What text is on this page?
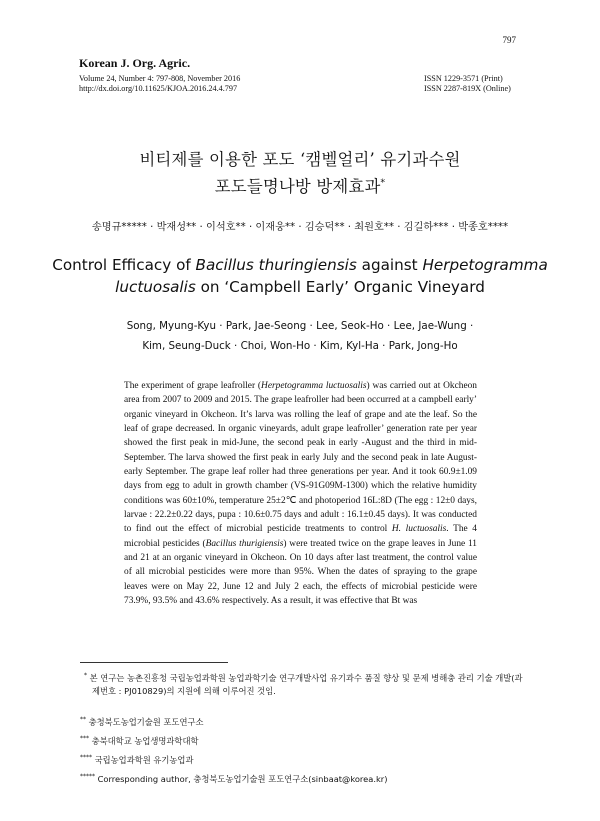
797
Korean J. Org. Agric.
Volume 24, Number 4: 797-808, November 2016
http://dx.doi.org/10.11625/KJOA.2016.24.4.797
ISSN 1229-3571 (Print)
ISSN 2287-819X (Online)
비티제를 이용한 포도 ‘캠벨얼리’ 유기과수원
포도들명나방 방제효과*
송명규***** · 박재성** · 이석호** · 이재웅** · 김승덕** · 최원호** · 김길하*** · 박종호****
Control Efficacy of Bacillus thuringiensis against Herpetogramma
luctuosalis on ‘Campbell Early’ Organic Vineyard
Song, Myung-Kyu · Park, Jae-Seong · Lee, Seok-Ho · Lee, Jae-Wung ·
Kim, Seung-Duck · Choi, Won-Ho · Kim, Kyl-Ha · Park, Jong-Ho

The experiment of grape leafroller (Herpetogramma luctuosalis) was carried out at Okcheon area from 2007 to 2009 and 2015. The grape leafroller had been occurred at a campbell early’ organic vineyard in Okcheon. It’s larva was rolling the leaf of grape and ate the leaf. So the leaf of grape decreased. In organic vineyards, adult grape leafroller’ generation rate per year showed the first peak in mid-June, the second peak in early -August and the third in mid-September. The larva showed the first peak in early July and the second peak in late August-early September. The grape leaf roller had three generations per year. And it took 60.9±1.09 days from egg to adult in growth chamber (VS-91G09M-1300) which the relative humidity conditions was 60±10%, temperature 25±2℃ and photoperiod 16L:8D (The egg : 12±0 days, larvae : 22.2±0.22 days, pupa : 10.6±0.75 days and adult : 16.1±0.45 days). It was conducted to find out the effect of microbial pesticide treatments to control H. luctuosalis. The 4 microbial pesticides (Bacillus thurigiensis) were treated twice on the grape leaves in June 11 and 21 at an organic vineyard in Okcheon. On 10 days after last treatment, the control value of all microbial pesticides were more than 95%. When the dates of spraying to the grape leaves were on May 22, June 12 and July 2 each, the effects of microbial pesticide were 73.9%, 93.5% and 43.6% respectively. As a result, it was effective that Bt was

* 본 연구는 농촌진흥청 국립농업과학원 농업과학기술 연구개발사업 유기과수 품질 향상 및 문제 병해충 관리 기술 개발(과제번호 : PJ010829)의 지원에 의해 이루어진 것임.
** 충청북도농업기술원 포도연구소
*** 충북대학교 농업생명과학대학
**** 국립농업과학원 유기농업과
***** Corresponding author, 충청북도농업기술원 포도연구소(sinbaat@korea.kr)
